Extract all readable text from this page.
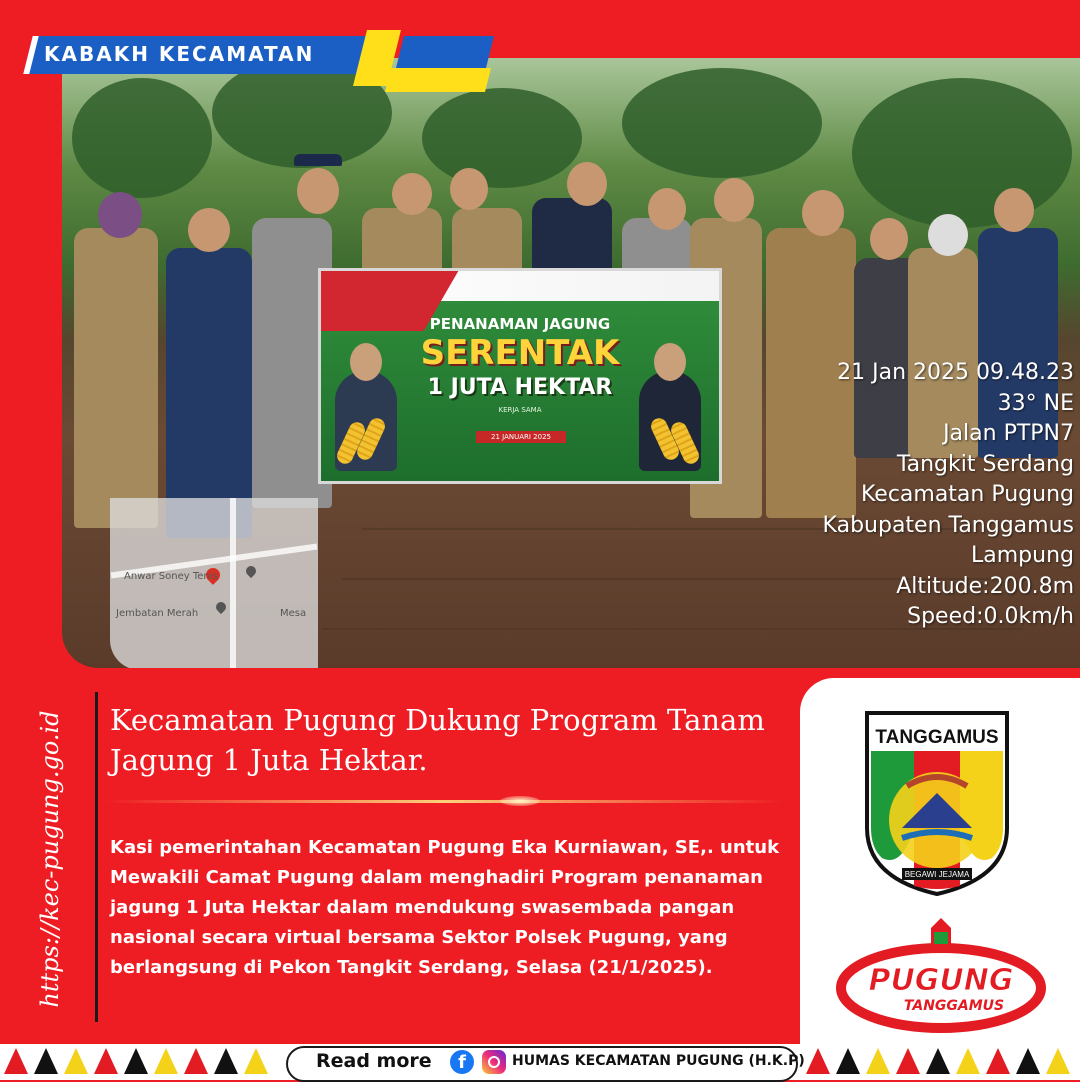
PENANAMAN JAGUNG
SERENTAK
1 JUTA HEKTAR
KERJA SAMA
21 JANUARI 2025
Anwar Soney Tenis
Jembatan Merah	Mesa
21 Jan 2025 09.48.23
33° NE
Jalan PTPN7
Tangkit Serdang
Kecamatan Pugung
Kabupaten Tanggamus
Lampung
Altitude:200.8m
Speed:0.0km/h
KABAKH KECAMATAN
https://kec-pugung.go.id Kecamatan Pugung Dukung Program Tanam Jagung 1 Juta Hektar.
Kasi pemerintahan Kecamatan Pugung Eka Kurniawan, SE,. untuk Mewakili Camat Pugung dalam menghadiri Program penanaman jagung 1 Juta Hektar dalam mendukung swasembada pangan nasional secara virtual bersama Sektor Polsek Pugung, yang berlangsung di Pekon Tangkit Serdang, Selasa (21/1/2025).
BEGAWI JEJAMA
TANGGAMUS
PUGUNG
TANGGAMUS
Read more	f	HUMAS KECAMATAN PUGUNG (H.K.P)
